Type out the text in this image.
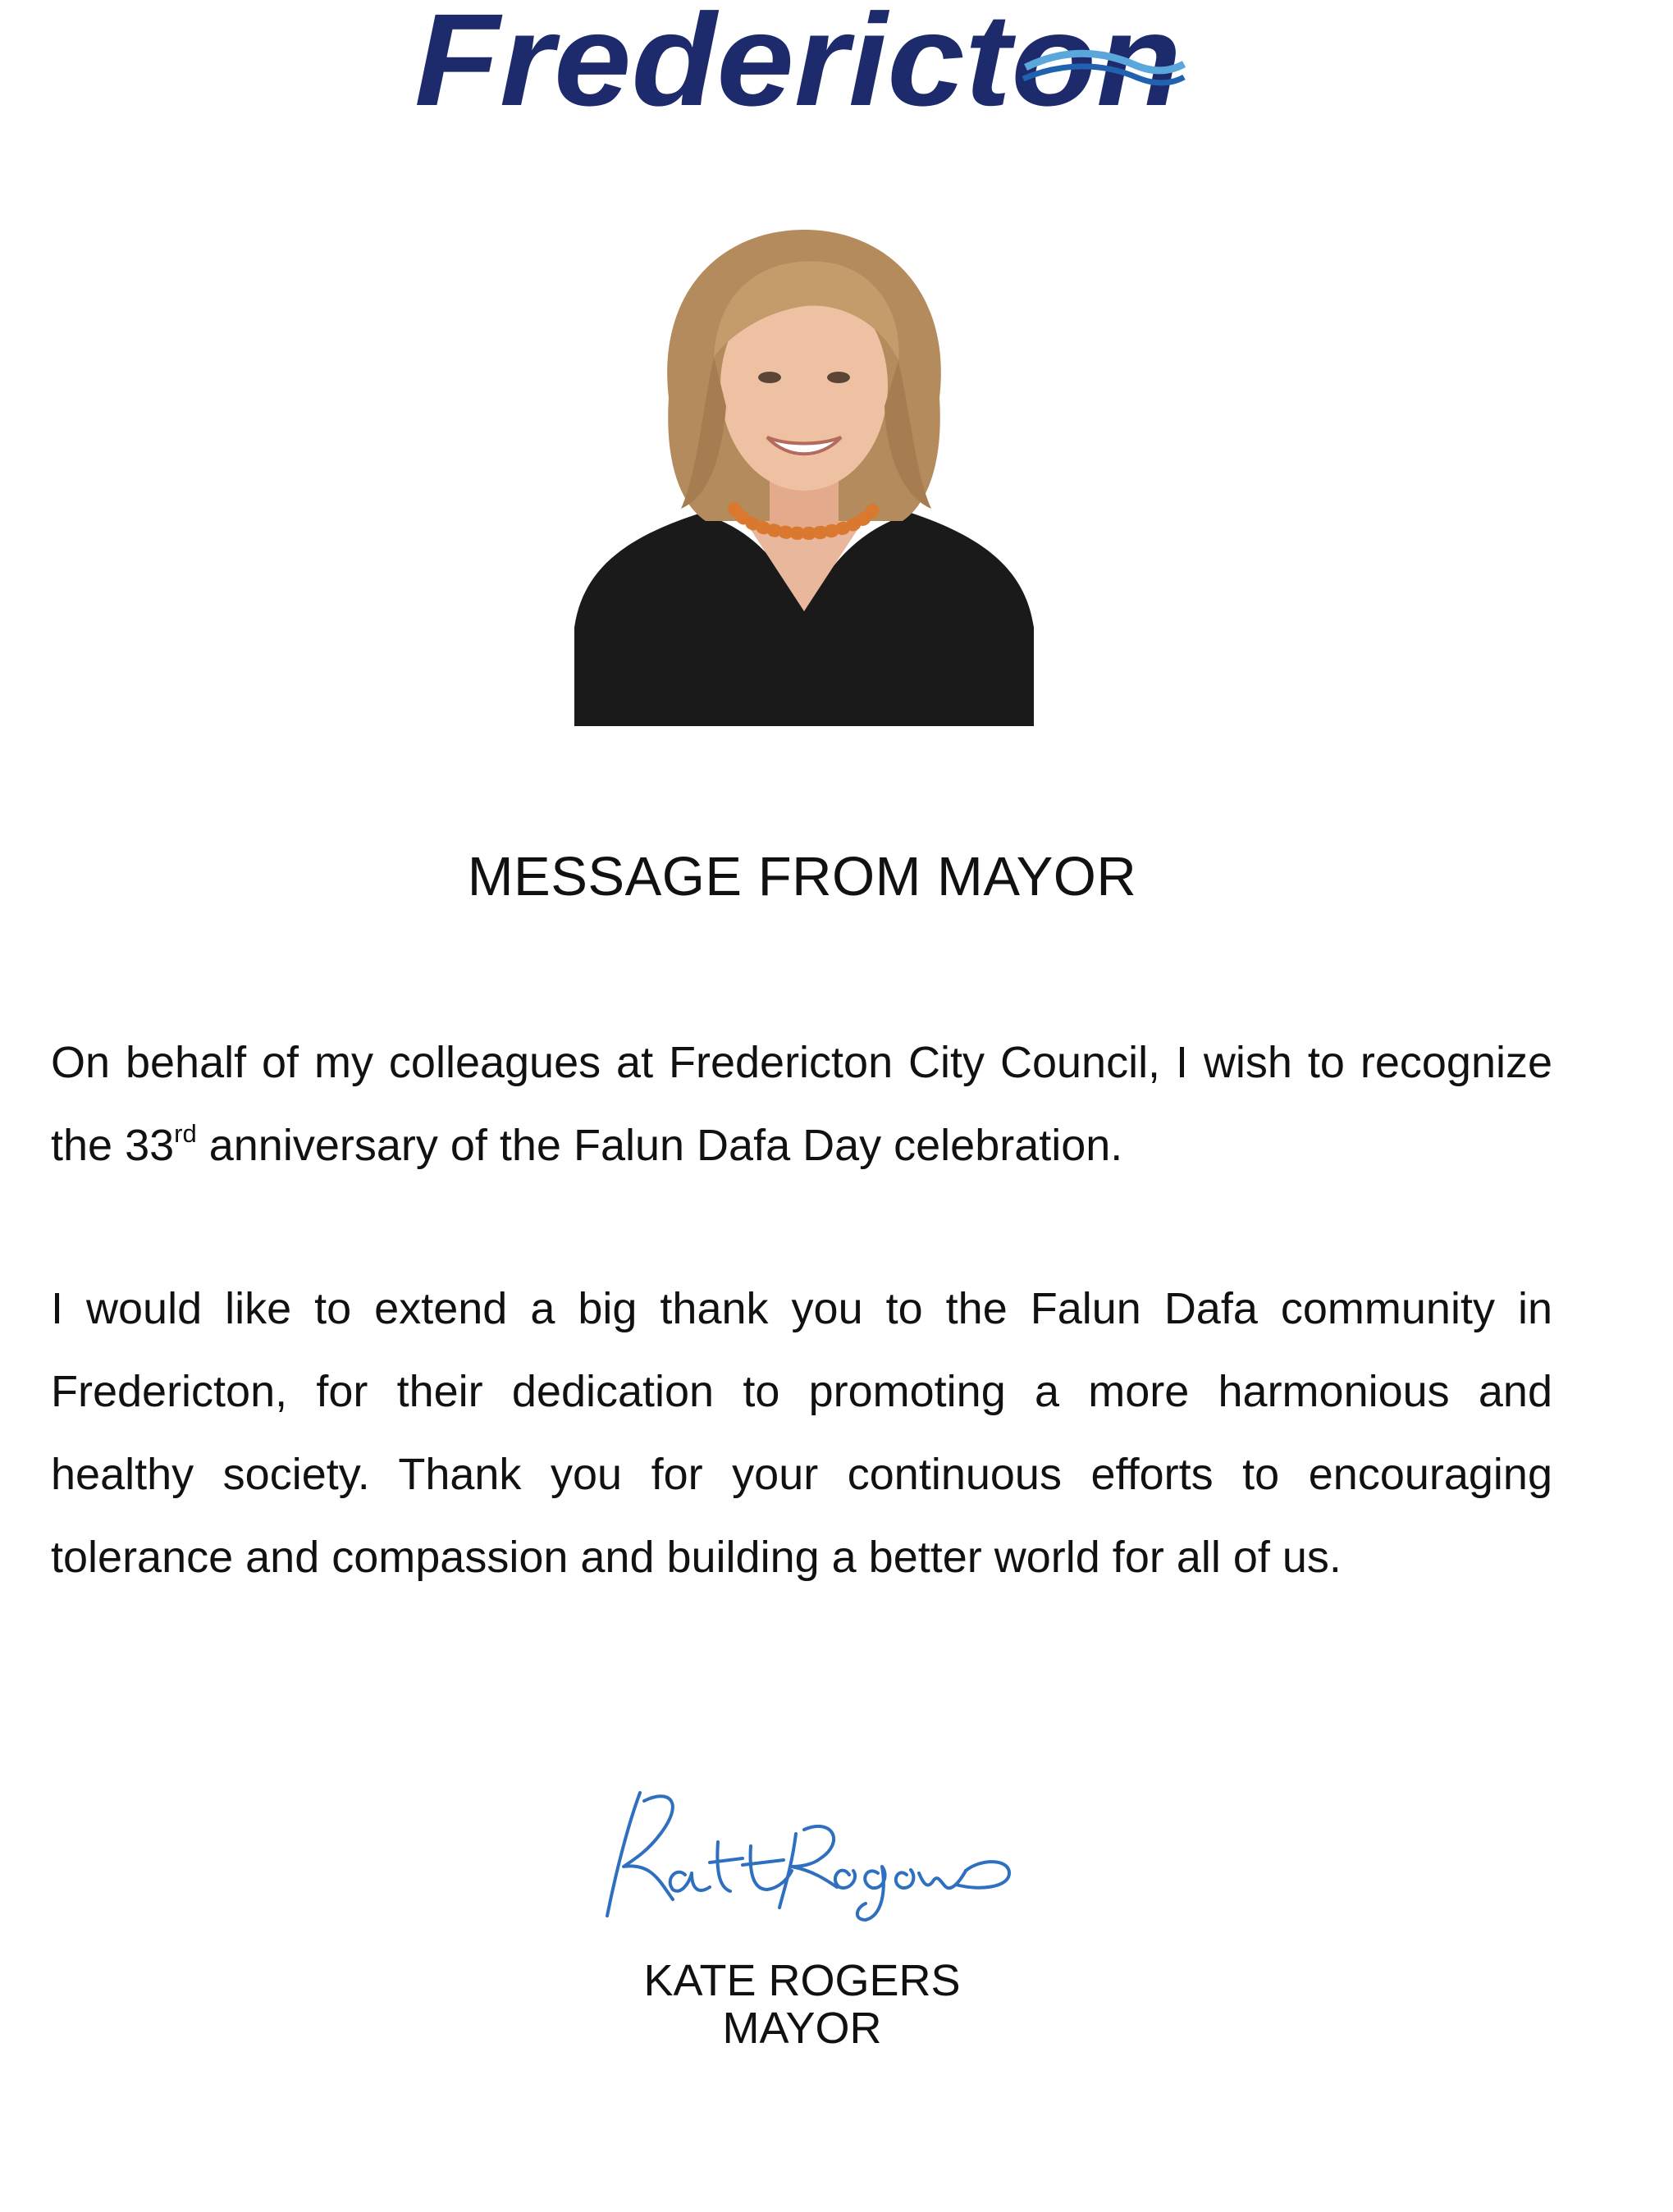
Fredericton
MESSAGE FROM MAYOR

On behalf of my colleagues at Fredericton City Council, I wish to recognize the 33rd anniversary of the Falun Dafa Day celebration.

I would like to extend a big thank you to the Falun Dafa community in Fredericton, for their dedication to promoting a more harmonious and healthy society. Thank you for your continuous efforts to encouraging tolerance and compassion and building a better world for all of us.

KATE ROGERS
MAYOR
